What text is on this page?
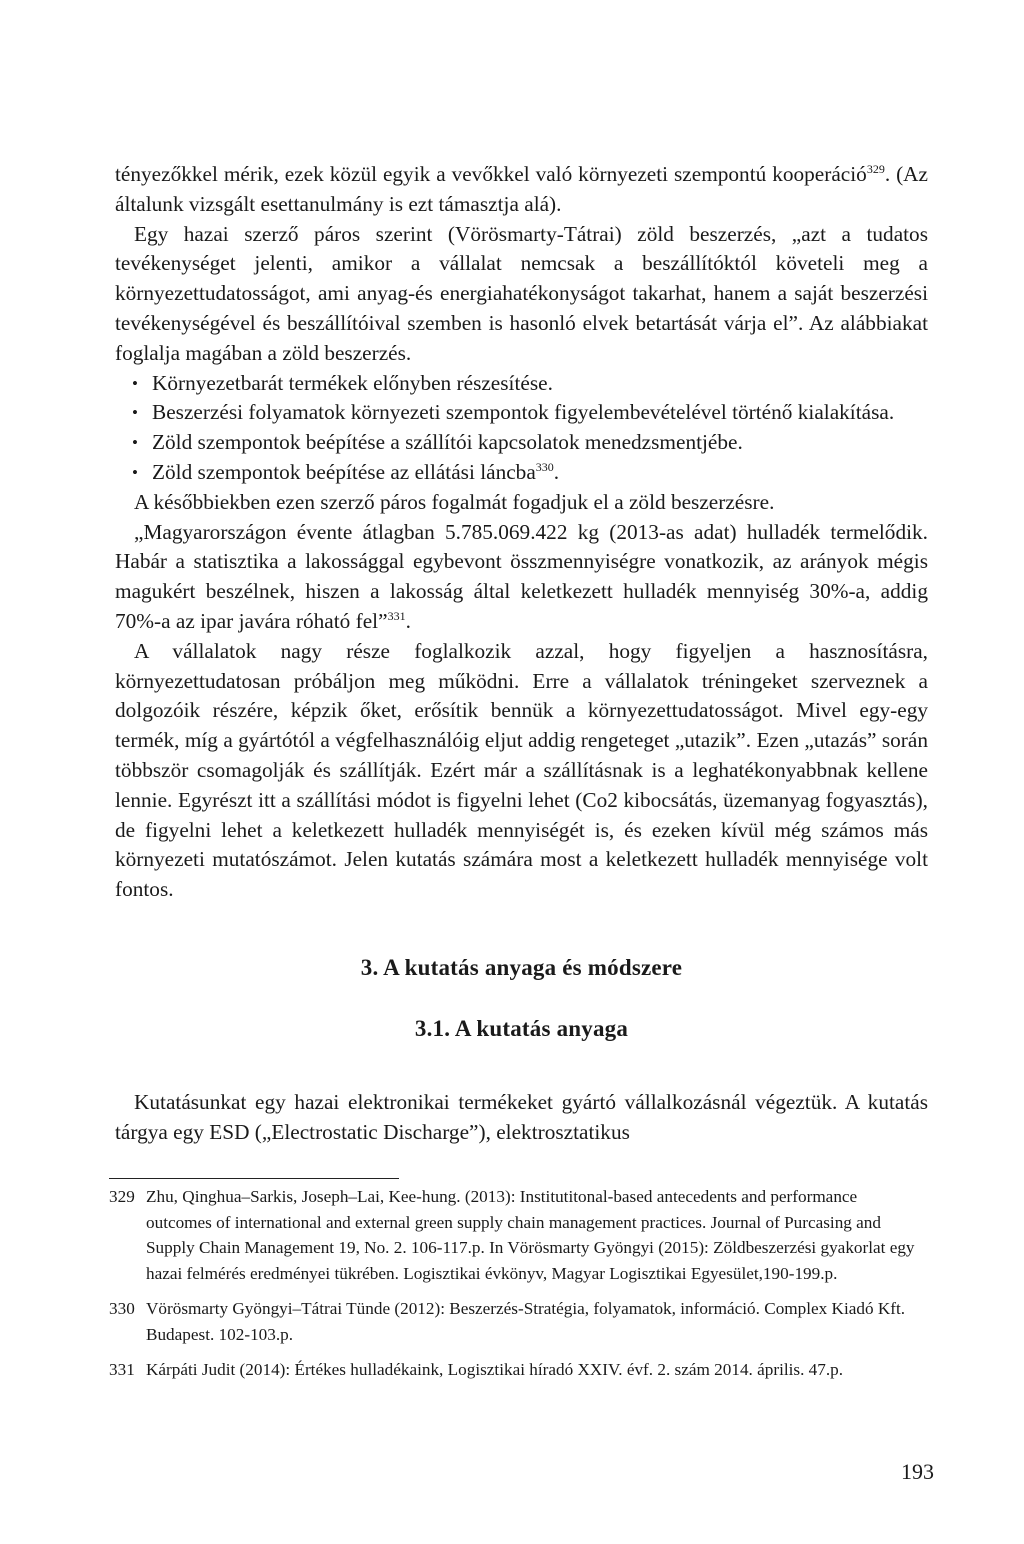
tényezőkkel mérik, ezek közül egyik a vevőkkel való környezeti szempontú kooperáció$^{329}$. (Az általunk vizsgált esettanulmány is ezt támasztja alá).

Egy hazai szerző páros szerint (Vörösmarty-Tátrai) zöld beszerzés, „azt a tudatos tevékenységet jelenti, amikor a vállalat nemcsak a beszállítóktól követeli meg a környezettudatosságot, ami anyag-és energiahatékonyságot takarhat, hanem a saját beszerzési tevékenységével és beszállítóival szemben is hasonló elvek betartását várja el”. Az alábbiakat foglalja magában a zöld beszerzés.

• Környezetbarát termékek előnyben részesítése.
• Beszerzési folyamatok környezeti szempontok figyelembevételével történő kialakítása.
• Zöld szempontok beépítése a szállítói kapcsolatok menedzsmentjébe.
• Zöld szempontok beépítése az ellátási láncba$^{330}$.

A későbbiekben ezen szerző páros fogalmát fogadjuk el a zöld beszerzésre.

„Magyarországon évente átlagban 5.785.069.422 kg (2013-as adat) hulladék termelődik. Habár a statisztika a lakossággal egybevont összmennyiségre vonatkozik, az arányok mégis magukért beszélnek, hiszen a lakosság által keletkezett hulladék mennyiség 30%-a, addig 70%-a az ipar javára róható fel”$^{331}$.

A vállalatok nagy része foglalkozik azzal, hogy figyeljen a hasznosításra, környezettudatosan próbáljon meg működni. Erre a vállalatok tréningeket szerveznek a dolgozóik részére, képzik őket, erősítik bennük a környezettudatosságot. Mivel egy-egy termék, míg a gyártótól a végfelhasználóig eljut addig rengeteget „utazik”. Ezen „utazás” során többször csomagolják és szállítják. Ezért már a szállításnak is a leghatékonyabbnak kellene lennie. Egyrészt itt a szállítási módot is figyelni lehet (Co2 kibocsátás, üzemanyag fogyasztás), de figyelni lehet a keletkezett hulladék mennyiségét is, és ezeken kívül még számos más környezeti mutatószámot. Jelen kutatás számára most a keletkezett hulladék mennyisége volt fontos.

3. A kutatás anyaga és módszere
3.1. A kutatás anyaga

Kutatásunkat egy hazai elektronikai termékeket gyártó vállalkozásnál végeztük. A kutatás tárgya egy ESD („Electrostatic Discharge”), elektrosztatikus

329 Zhu, Qinghua–Sarkis, Joseph–Lai, Kee-hung. (2013): Institutitonal-based antecedents and performance outcomes of international and external green supply chain management practices. Journal of Purcasing and Supply Chain Management 19, No. 2. 106-117.p. In Vörösmarty Gyöngyi (2015): Zöldbeszerzési gyakorlat egy hazai felmérés eredményei tükrében. Logisztikai évkönyv, Magyar Logisztikai Egyesület,190-199.p.
330 Vörösmarty Gyöngyi–Tátrai Tünde (2012): Beszerzés-Stratégia, folyamatok, információ. Complex Kiadó Kft. Budapest. 102-103.p.
331 Kárpáti Judit (2014): Értékes hulladékaink, Logisztikai híradó XXIV. évf. 2. szám 2014. április. 47.p.
193
